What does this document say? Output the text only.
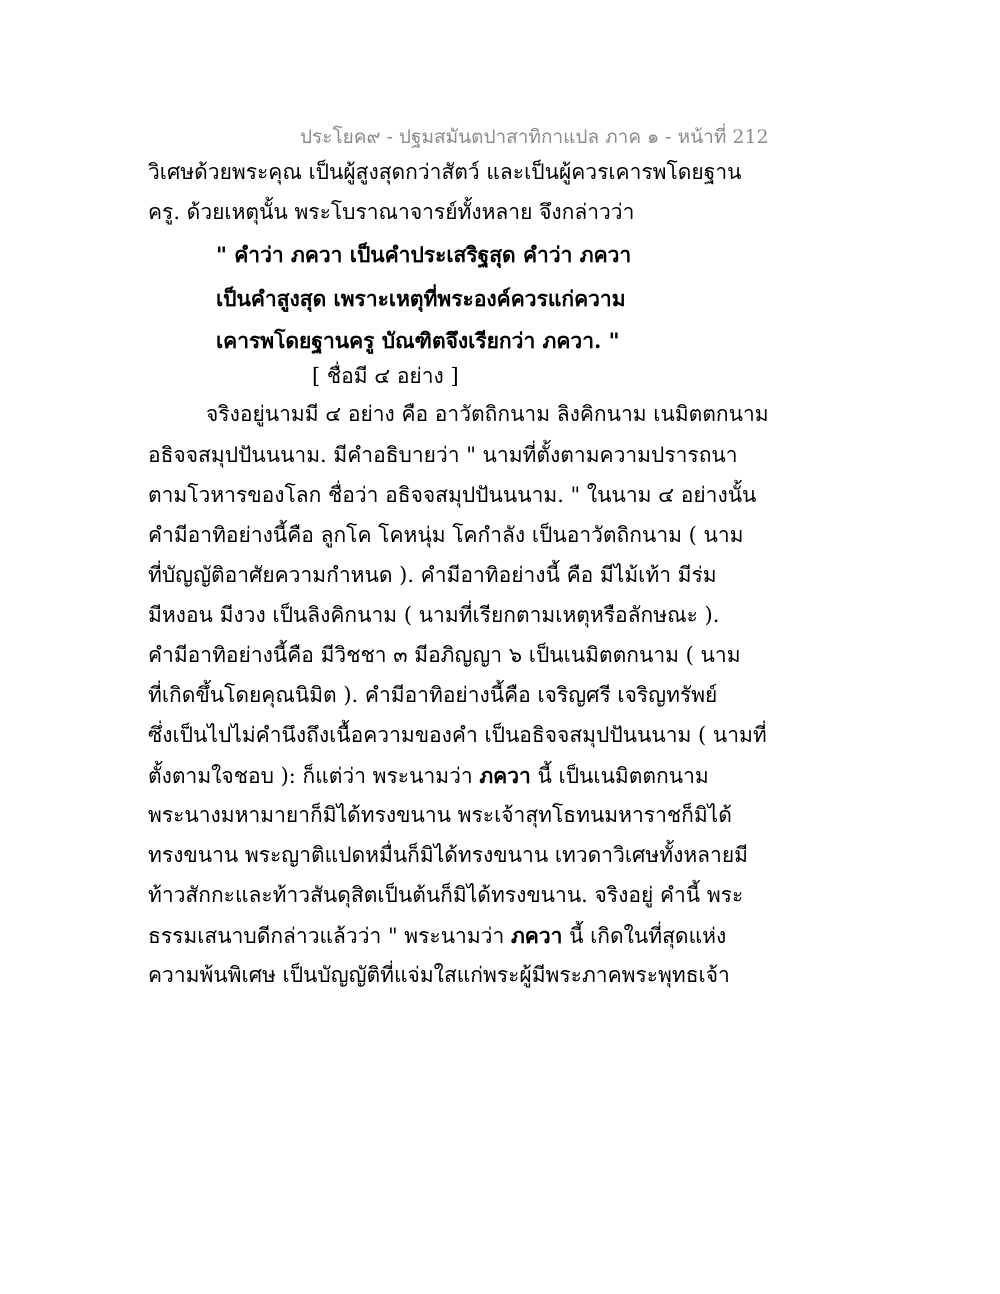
ประโยค๙ - ปฐมสมันตปาสาทิกาแปล ภาค ๑ - หน้าที่ 212
วิเศษด้วยพระคุณ เป็นผู้สูงสุดกว่าสัตว์ และเป็นผู้ควรเคารพโดยฐาน
ครู. ด้วยเหตุนั้น พระโบราณาจารย์ทั้งหลาย จึงกล่าวว่า
" คำว่า ภควา เป็นคำประเสริฐสุด คำว่า ภควา
เป็นคำสูงสุด เพราะเหตุที่พระองค์ควรแก่ความ
เคารพโดยฐานครู บัณฑิตจึงเรียกว่า ภควา. "
[ ชื่อมี ๔ อย่าง ]
จริงอยู่นามมี ๔ อย่าง คือ อาวัตถิกนาม ลิงคิกนาม เนมิตตกนาม
อธิจจสมุปปันนนาม. มีคำอธิบายว่า " นามที่ตั้งตามความปรารถนา
ตามโวหารของโลก ชื่อว่า อธิจจสมุปปันนนาม. " ในนาม ๔ อย่างนั้น
คำมีอาทิอย่างนี้คือ ลูกโค โคหนุ่ม โคกำลัง เป็นอาวัตถิกนาม ( นาม
ที่บัญญัติอาศัยความกำหนด ). คำมีอาทิอย่างนี้ คือ มีไม้เท้า มีร่ม
มีหงอน มีงวง เป็นลิงคิกนาม ( นามที่เรียกตามเหตุหรือลักษณะ ).
คำมีอาทิอย่างนี้คือ มีวิชชา ๓ มีอภิญญา ๖ เป็นเนมิตตกนาม ( นาม
ที่เกิดขึ้นโดยคุณนิมิต ). คำมีอาทิอย่างนี้คือ เจริญศรี เจริญทรัพย์
ซึ่งเป็นไปไม่คำนึงถึงเนื้อความของคำ เป็นอธิจจสมุปปันนนาม ( นามที่
ตั้งตามใจชอบ ): ก็แต่ว่า พระนามว่า ภควา นี้ เป็นเนมิตตกนาม
พระนางมหามายาก็มิได้ทรงขนาน พระเจ้าสุทโธทนมหาราชก็มิได้
ทรงขนาน พระญาติแปดหมื่นก็มิได้ทรงขนาน เทวดาวิเศษทั้งหลายมี
ท้าวสักกะและท้าวสันดุสิตเป็นต้นก็มิได้ทรงขนาน. จริงอยู่ คำนี้ พระ
ธรรมเสนาบดีกล่าวแล้วว่า " พระนามว่า ภควา นี้ เกิดในที่สุดแห่ง
ความพ้นพิเศษ เป็นบัญญัติที่แจ่มใสแก่พระผู้มีพระภาคพระพุทธเจ้า
